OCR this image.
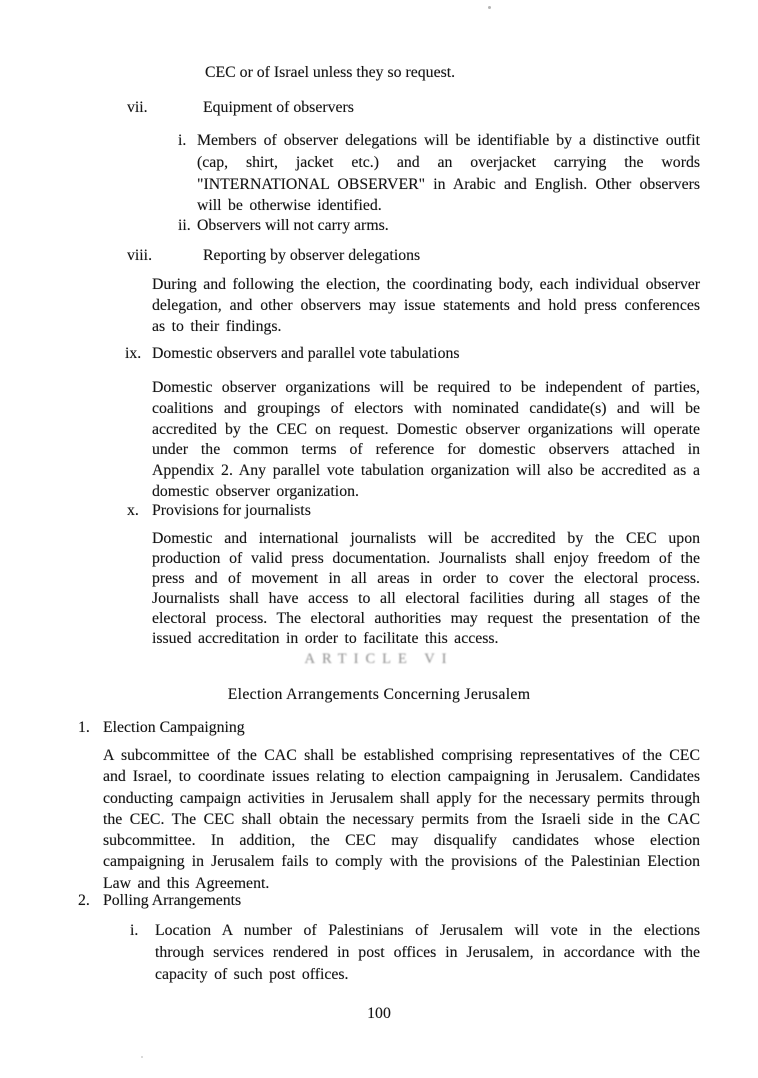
CEC or of Israel unless they so request.

vii.	Equipment of observers
i. Members of observer delegations will be identifiable by a distinctive outfit (cap, shirt, jacket etc.) and an overjacket carrying the words "INTERNATIONAL OBSERVER" in Arabic and English. Other observers will be otherwise identified.

ii. Observers will not carry arms.

viii.	Reporting by observer delegations

During and following the election, the coordinating body, each individual observer delegation, and other observers may issue statements and hold press conferences as to their findings.

ix. Domestic observers and parallel vote tabulations

Domestic observer organizations will be required to be independent of parties, coalitions and groupings of electors with nominated candidate(s) and will be accredited by the CEC on request. Domestic observer organizations will operate under the common terms of reference for domestic observers attached in Appendix 2. Any parallel vote tabulation organization will also be accredited as a domestic observer organization.

x. Provisions for journalists

Domestic and international journalists will be accredited by the CEC upon production of valid press documentation. Journalists shall enjoy freedom of the press and of movement in all areas in order to cover the electoral process. Journalists shall have access to all electoral facilities during all stages of the electoral process. The electoral authorities may request the presentation of the issued accreditation in order to facilitate this access.

ARTICLE VI
Election Arrangements Concerning Jerusalem
1. Election Campaigning

A subcommittee of the CAC shall be established comprising representatives of the CEC and Israel, to coordinate issues relating to election campaigning in Jerusalem. Candidates conducting campaign activities in Jerusalem shall apply for the necessary permits through the CEC. The CEC shall obtain the necessary permits from the Israeli side in the CAC subcommittee. In addition, the CEC may disqualify candidates whose election campaigning in Jerusalem fails to comply with the provisions of the Palestinian Election Law and this Agreement.

2. Polling Arrangements
i. Location A number of Palestinians of Jerusalem will vote in the elections through services rendered in post offices in Jerusalem, in accordance with the capacity of such post offices.

100
